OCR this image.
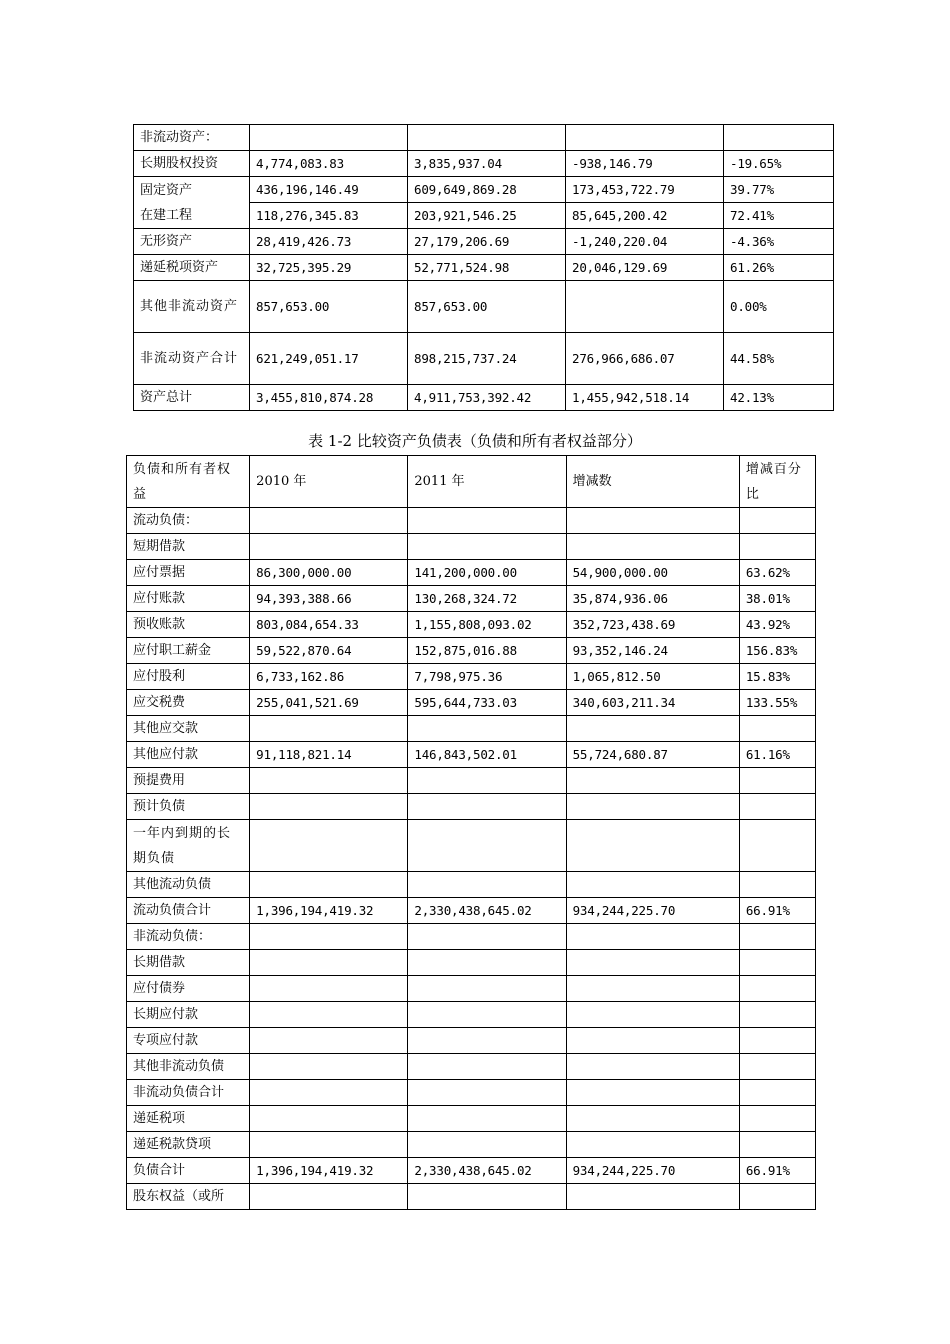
非流动资产：				
长期股权投资	4,774,083.83	3,835,937.04	-938,146.79	-19.65%

固定资产
在建工程	436,196,146.49	609,649,869.28	173,453,722.79	39.77%
	118,276,345.83	203,921,546.25	85,645,200.42	72.41%
无形资产	28,419,426.73	27,179,206.69	-1,240,220.04	-4.36%
递延税项资产	32,725,395.29	52,771,524.98	20,046,129.69	61.26%
其他非流动资产	857,653.00	857,653.00		0.00%
非流动资产合计	621,249,051.17	898,215,737.24	276,966,686.07	44.58%
资产总计	3,455,810,874.28	4,911,753,392.42	1,455,942,518.14	42.13%
表 1-2 比较资产负债表（负债和所有者权益部分）
负债和所有者权益	2010 年	2011 年	增减数	增减百分比
流动负债：				
短期借款				
应付票据	86,300,000.00	141,200,000.00	54,900,000.00	63.62%
应付账款	94,393,388.66	130,268,324.72	35,874,936.06	38.01%
预收账款	803,084,654.33	1,155,808,093.02	352,723,438.69	43.92%
应付职工薪金	59,522,870.64	152,875,016.88	93,352,146.24	156.83%
应付股利	6,733,162.86	7,798,975.36	1,065,812.50	15.83%
应交税费	255,041,521.69	595,644,733.03	340,603,211.34	133.55%
其他应交款				
其他应付款	91,118,821.14	146,843,502.01	55,724,680.87	61.16%
预提费用				
预计负债				
一年内到期的长期负债				
其他流动负债				
流动负债合计	1,396,194,419.32	2,330,438,645.02	934,244,225.70	66.91%
非流动负债：				
长期借款				
应付债券				
长期应付款				
专项应付款				
其他非流动负债				
非流动负债合计				
递延税项				
递延税款贷项				
负债合计	1,396,194,419.32	2,330,438,645.02	934,244,225.70	66.91%
股东权益（或所				
